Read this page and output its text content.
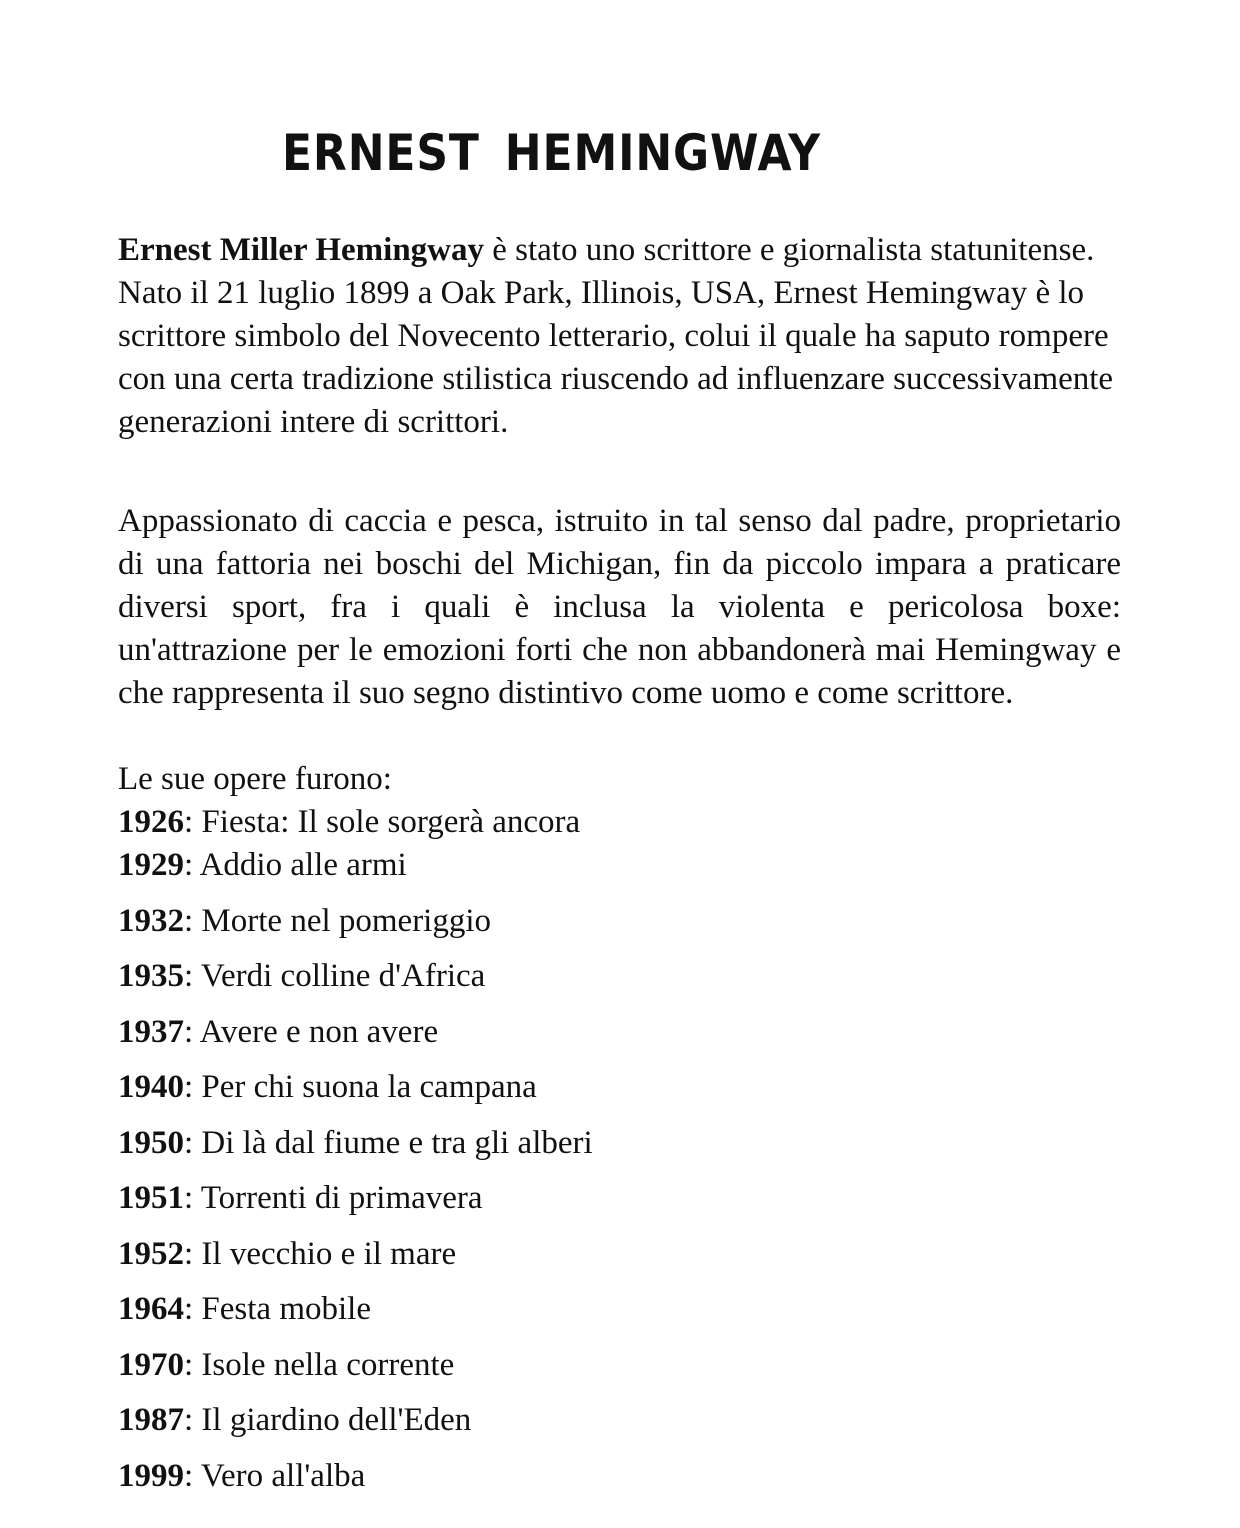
ERNEST HEMINGWAY

Ernest Miller Hemingway è stato uno scrittore e giornalista statunitense. Nato il 21 luglio 1899 a Oak Park, Illinois, USA, Ernest Hemingway è lo scrittore simbolo del Novecento letterario, colui il quale ha saputo rompere con una certa tradizione stilistica riuscendo ad influenzare successivamente generazioni intere di scrittori.

Appassionato di caccia e pesca, istruito in tal senso dal padre, proprietario di una fattoria nei boschi del Michigan, fin da piccolo impara a praticare diversi sport, fra i quali è inclusa la violenta e pericolosa boxe: un'attrazione per le emozioni forti che non abbandonerà mai Hemingway e che rappresenta il suo segno distintivo come uomo e come scrittore.

Le sue opere furono:
1926: Fiesta: Il sole sorgerà ancora
1929: Addio alle armi
1932: Morte nel pomeriggio
1935: Verdi colline d'Africa
1937: Avere e non avere
1940: Per chi suona la campana
1950: Di là dal fiume e tra gli alberi
1951: Torrenti di primavera
1952: Il vecchio e il mare
1964: Festa mobile
1970: Isole nella corrente
1987: Il giardino dell'Eden
1999: Vero all'alba
